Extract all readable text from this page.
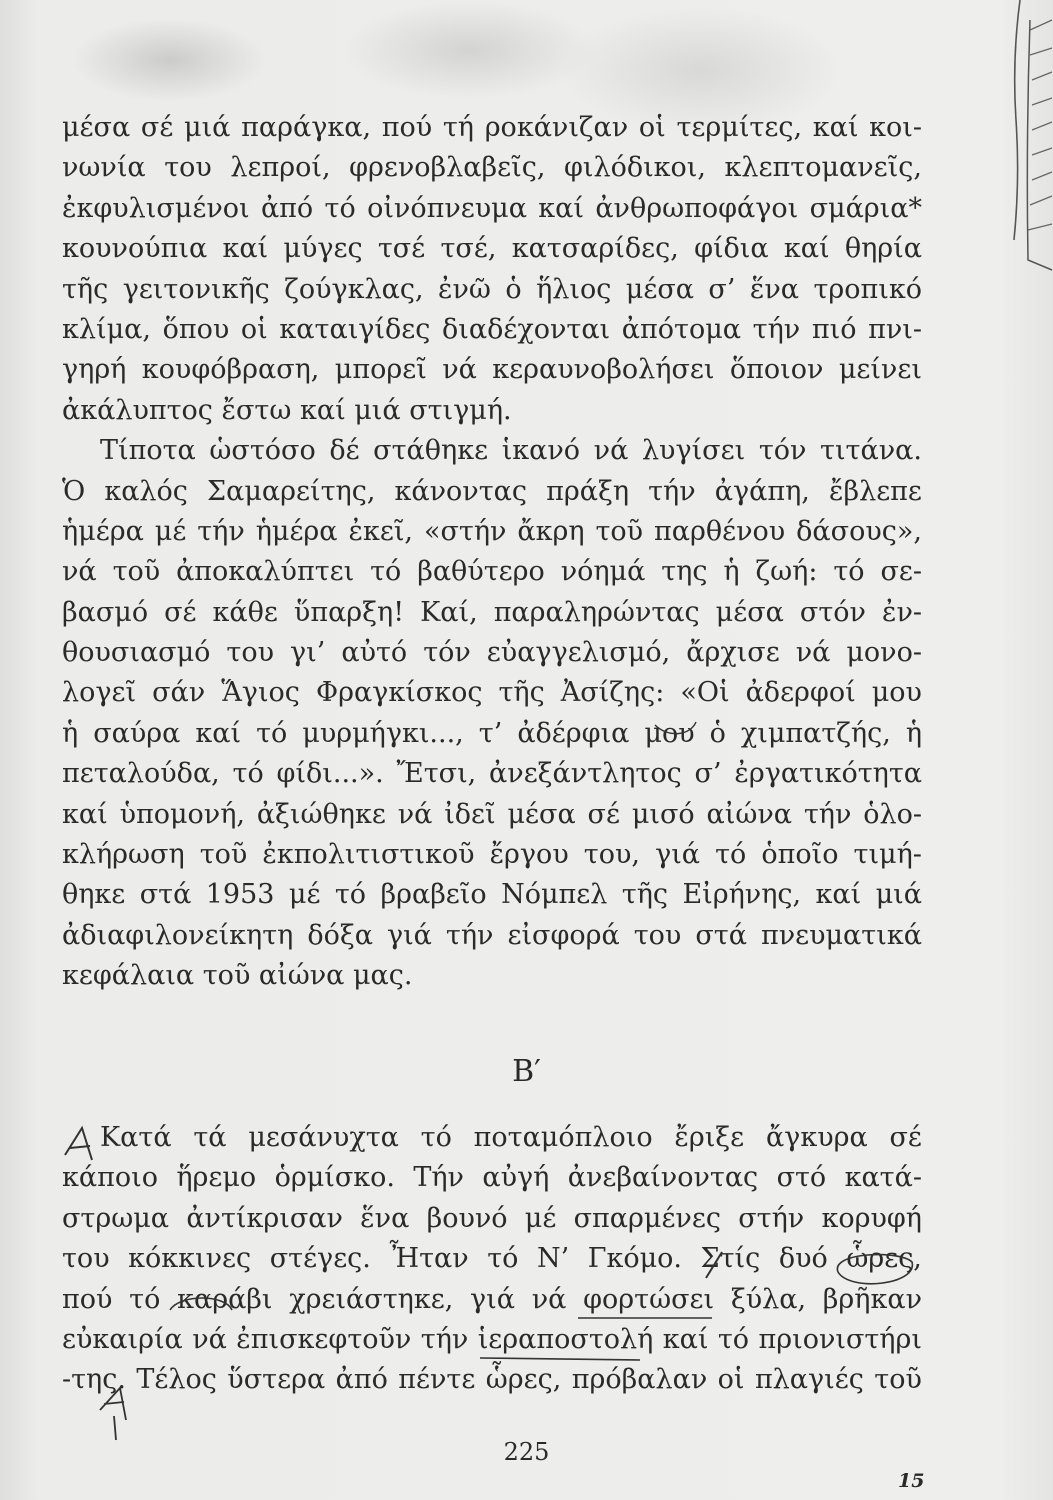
μέσα σέ μιά παράγκα, πού τή ροκάνιζαν οἱ τερμίτες, καί κοι-
νωνία του λεπροί, φρενοβλαβεῖς, φιλόδικοι, κλεπτομανεῖς,
ἐκφυλισμένοι ἀπό τό οἰνόπνευμα καί ἀνθρωποφάγοι σμάρια*
κουνούπια καί μύγες τσέ τσέ, κατσαρίδες, φίδια καί θηρία
τῆς γειτονικῆς ζούγκλας, ἐνῶ ὁ ἥλιος μέσα σ’ ἕνα τροπικό
κλίμα, ὅπου οἱ καταιγίδες διαδέχονται ἀπότομα τήν πιό πνι-
γηρή κουφόβραση, μπορεῖ νά κεραυνοβολήσει ὅποιον μείνει
ἀκάλυπτος ἔστω καί μιά στιγμή.
Τίποτα ὡστόσο δέ στάθηκε ἱκανό νά λυγίσει τόν τιτάνα.
Ὁ καλός Σαμαρείτης, κάνοντας πράξη τήν ἀγάπη, ἔβλεπε
ἡμέρα μέ τήν ἡμέρα ἐκεῖ, «στήν ἄκρη τοῦ παρθένου δάσους»,
νά τοῦ ἀποκαλύπτει τό βαθύτερο νόημά της ἡ ζωή: τό σε-
βασμό σέ κάθε ὕπαρξη! Καί, παραληρώντας μέσα στόν ἐν-
θουσιασμό του γι’ αὐτό τόν εὐαγγελισμό, ἄρχισε νά μονο-
λογεῖ σάν Ἅγιος Φραγκίσκος τῆς Ἀσίζης: «Οἱ ἀδερφοί μου
ἡ σαύρα καί τό μυρμήγκι..., τ’ ἀδέρφια μου ὁ χιμπατζής, ἡ
πεταλούδα, τό φίδι...». Ἔτσι, ἀνεξάντλητος σ’ ἐργατικότητα
καί ὑπομονή, ἀξιώθηκε νά ἰδεῖ μέσα σέ μισό αἰώνα τήν ὁλο-
κλήρωση τοῦ ἐκπολιτιστικοῦ ἔργου του, γιά τό ὁποῖο τιμή-
θηκε στά 1953 μέ τό βραβεῖο Νόμπελ τῆς Εἰρήνης, καί μιά
ἀδιαφιλονείκητη δόξα γιά τήν εἰσφορά του στά πνευματικά
κεφάλαια τοῦ αἰώνα μας.
Β′
Κατά τά μεσάνυχτα τό ποταμόπλοιο ἔριξε ἄγκυρα σέ
κάποιο ἥρεμο ὁρμίσκο. Τήν αὐγή ἀνεβαίνοντας στό κατά-
στρωμα ἀντίκρισαν ἕνα βουνό μέ σπαρμένες στήν κορυφή
του κόκκινες στέγες. Ἦταν τό Ν’ Γκόμο. Στίς δυό ὧρες,
πού τό καράβι χρειάστηκε, γιά νά φορτώσει ξύλα, βρῆκαν
εὐκαιρία νά ἐπισκεφτοῦν τήν ἱεραποστολή καί τό πριονιστήρι
-της. Τέλος ὕστερα ἀπό πέντε ὧρες, πρόβαλαν οἱ πλαγιές τοῦ
225
15
